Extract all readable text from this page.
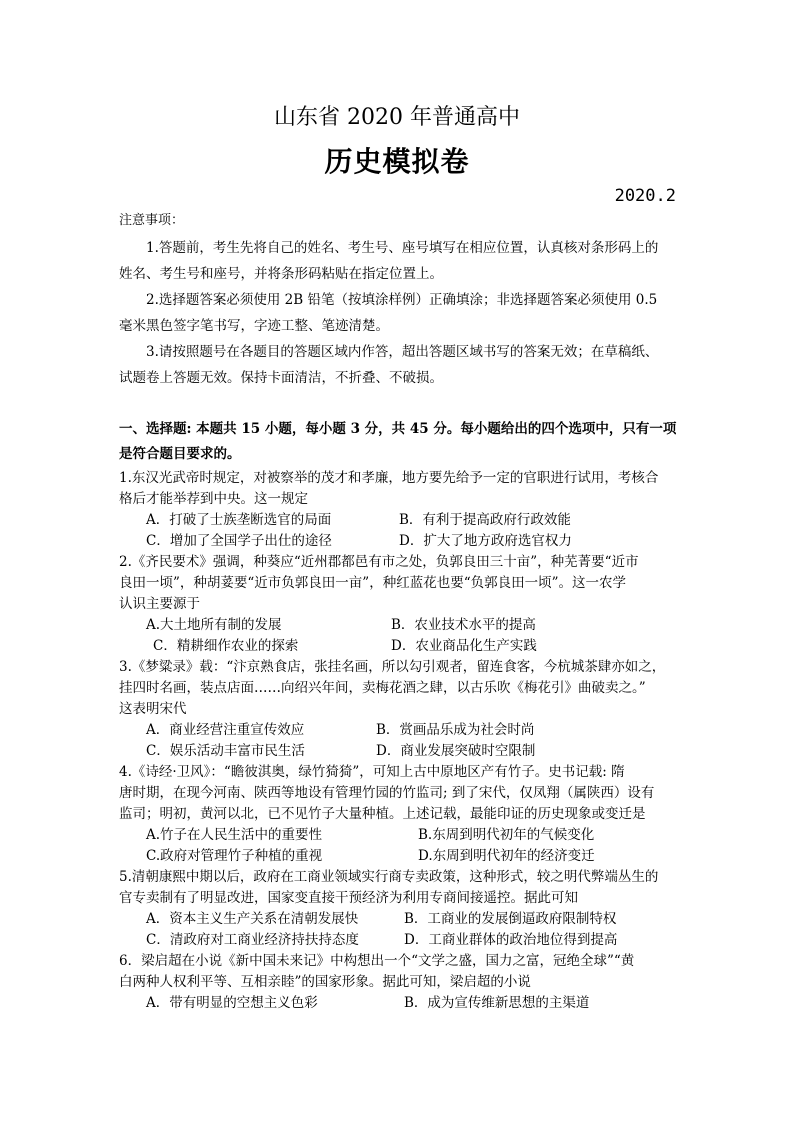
山东省 2020 年普通高中
历史模拟卷
2020.2
注意事项：
1.答题前，考生先将自己的姓名、考生号、座号填写在相应位置，认真核对条形码上的
姓名、考生号和座号，并将条形码粘贴在指定位置上。
2.选择题答案必须使用 2B 铅笔（按填涂样例）正确填涂；非选择题答案必须使用 0.5
毫米黑色签字笔书写，字迹工整、笔迹清楚。
3.请按照题号在各题目的答题区域内作答，超出答题区域书写的答案无效；在草稿纸、
试题卷上答题无效。保持卡面清洁，不折叠、不破损。
一、选择题: 本题共 15 小题，每小题 3 分，共 45 分。每小题给出的四个选项中，只有一项
是符合题目要求的。
1.东汉光武帝时规定，对被察举的茂才和孝廉，地方要先给予一定的官职进行试用，考核合
格后才能举荐到中央。这一规定
A．打破了士族垄断选官的局面	B．有利于提高政府行政效能
C．增加了全国学子出仕的途径	D．扩大了地方政府选官权力
2.《齐民要术》强调，种葵应“近州郡都邑有市之处，负郭良田三十亩”，种芜菁要“近市
良田一顷”，种胡荽要“近市负郭良田一亩”，种红蓝花也要“负郭良田一顷”。这一农学
认识主要源于
A.大土地所有制的发展	B．农业技术水平的提高
C．精耕细作农业的探索	D．农业商品化生产实践
3.《梦粱录》载：“汴京熟食店，张挂名画，所以勾引观者，留连食客，今杭城茶肆亦如之，
挂四时名画，装点店面……向绍兴年间，卖梅花酒之肆，以古乐吹《梅花引》曲破卖之。”
这表明宋代
A．商业经营注重宣传效应	B．赏画品乐成为社会时尚
C．娱乐活动丰富市民生活	D．商业发展突破时空限制
4.《诗经·卫风》：“瞻彼淇奥，绿竹猗猗”，可知上古中原地区产有竹子。史书记载: 隋
唐时期，在现今河南、陕西等地设有管理竹园的竹监司; 到了宋代，仅凤翔（属陕西）设有
监司；明初，黄河以北，已不见竹子大量种植。上述记载，最能印证的历史现象或变迁是
A.竹子在人民生活中的重要性	B.东周到明代初年的气候变化
C.政府对管理竹子种植的重视	D.东周到明代初年的经济变迁
5.清朝康熙中期以后，政府在工商业领域实行商专卖政策，这种形式，较之明代弊端丛生的
官专卖制有了明显改进，国家变直接干预经济为利用专商间接遥控。据此可知
A．资本主义生产关系在清朝发展快	B．工商业的发展倒逼政府限制特权
C．清政府对工商业经济持扶持态度	D．工商业群体的政治地位得到提高
6．梁启超在小说《新中国未来记》中构想出一个“文学之盛，国力之富，冠绝全球”“黄
白两种人权利平等、互相亲睦”的国家形象。据此可知，梁启超的小说
A．带有明显的空想主义色彩	B．成为宣传维新思想的主渠道
